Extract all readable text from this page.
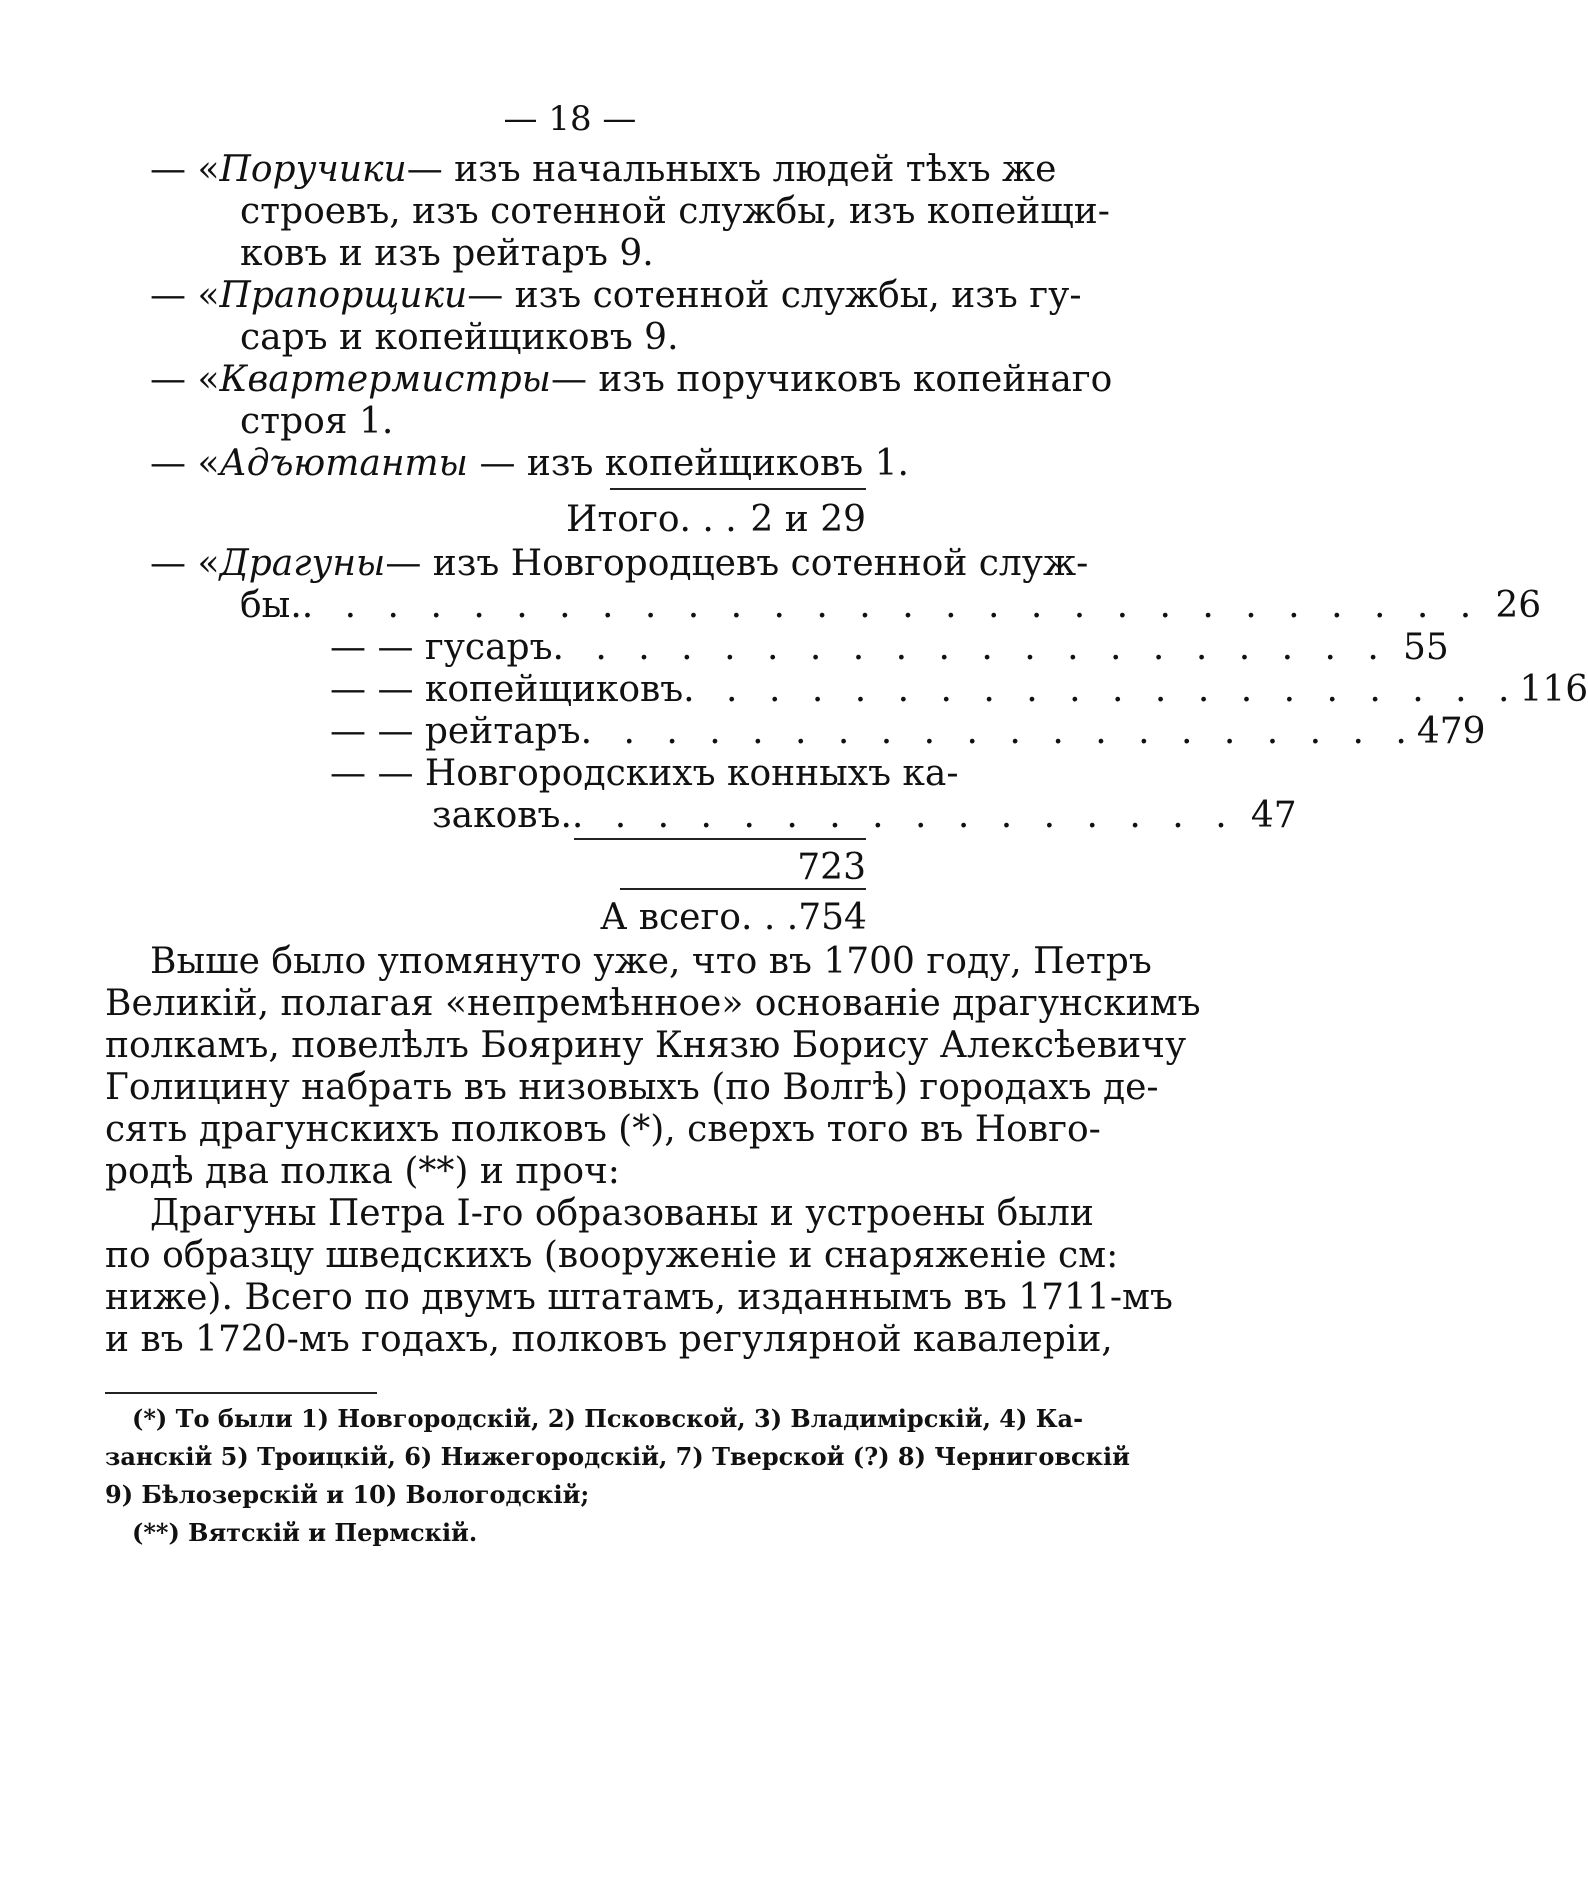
— 18 —
— «Поручики — изъ начальныхъ людей тѣхъ же
строевъ, изъ сотенной службы, изъ копейщи-
ковъ и изъ рейтаръ 9.
— «Прапорщики — изъ сотенной службы, изъ гу-
саръ и копейщиковъ 9.
— «Квартермистры — изъ поручиковъ копейнаго
строя 1.
— «Адъютанты — изъ копейщиковъ 1.
Итого. . . 2 и 29
— «Драгуны — изъ Новгородцевъ сотенной служ-
бы. . . . . . . . . . . . . . . . . . . . . . . . . . . . . 26
— — гусаръ . . . . . . . . . . . . . . . . . . . . 55
— — копейщиковъ . . . . . . . . . . . . . . . . . . . . 116
— — рейтаръ . . . . . . . . . . . . . . . . . . . . 479
— — Новгородскихъ конныхъ ка-
заковъ. . . . . . . . . . . . . . . . . 47
723
А всего. . . 754
Выше было упомянуто уже, что въ 1700 году, Петръ
Великій, полагая «непремѣнное» основаніе драгунскимъ
полкамъ, повелѣлъ Боярину Князю Борису Алексѣевичу
Голицину набрать въ низовыхъ (по Волгѣ) городахъ де-
сять драгунскихъ полковъ (*), сверхъ того въ Новго-
родѣ два полка (**) и проч:
Драгуны Петра І-го образованы и устроены были
по образцу шведскихъ (вооруженіе и снаряженіе см:
ниже). Всего по двумъ штатамъ, изданнымъ въ 1711-мъ
и въ 1720-мъ годахъ, полковъ регулярной кавалеріи,
(*) То были 1) Новгородскій, 2) Псковской, 3) Владимірскій, 4) Ка-
занскій 5) Троицкій, 6) Нижегородскій, 7) Тверской (?) 8) Черниговскій
9) Бѣлозерскій и 10) Вологодскій;
(**) Вятскій и Пермскій.
